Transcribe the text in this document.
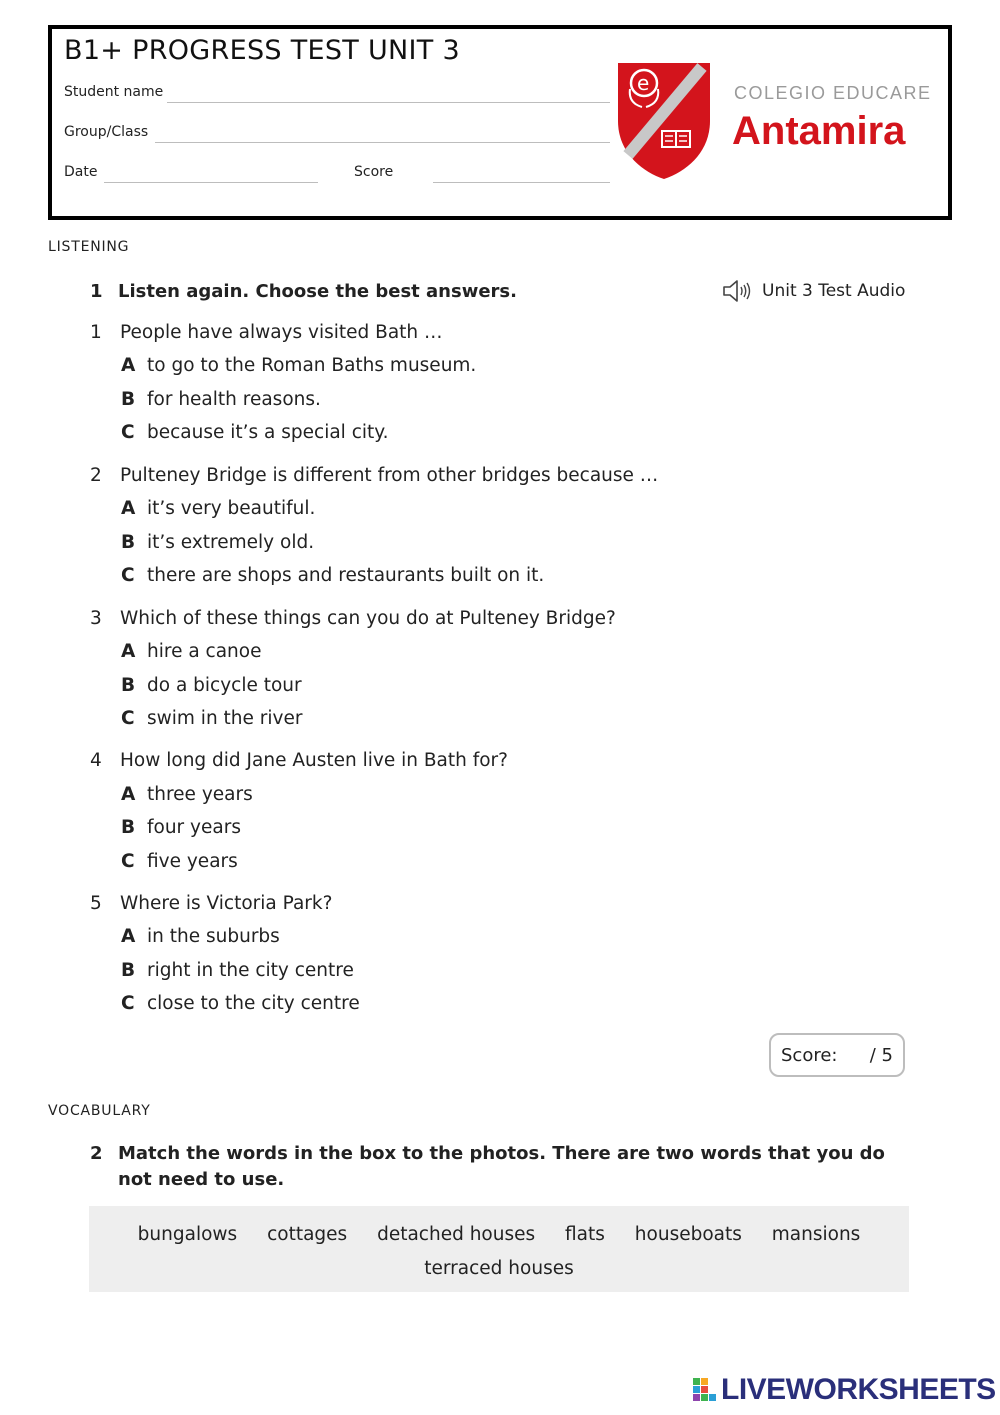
B1+ PROGRESS TEST UNIT 3
Student name
Group/Class
Date	Score
e	COLEGIO EDUCARE
Antamira
LISTENING
1 Listen again. Choose the best answers.	Unit 3 Test Audio
1 People have always visited Bath …
A to go to the Roman Baths museum.
B for health reasons.
C because it’s a special city.
2 Pulteney Bridge is different from other bridges because …
A it’s very beautiful.
B it’s extremely old.
C there are shops and restaurants built on it.
3 Which of these things can you do at Pulteney Bridge?
A hire a canoe
B do a bicycle tour
C swim in the river
4 How long did Jane Austen live in Bath for?
A three years
B four years
C five years
5 Where is Victoria Park?
A in the suburbs
B right in the city centre
C close to the city centre
Score: / 5
VOCABULARY
2 Match the words in the box to the photos. There are two words that you do not need to use.
bungalows cottages detached houses flats houseboats mansions terraced houses
LIVEWORKSHEETS
